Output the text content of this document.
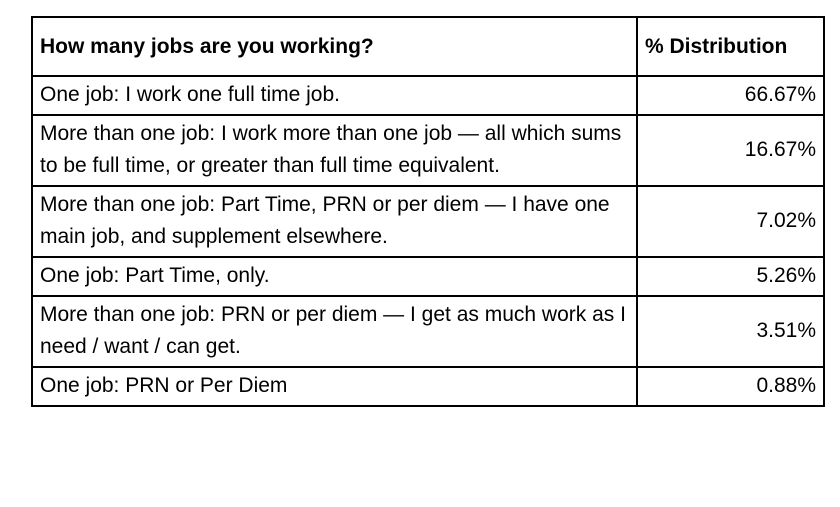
How many jobs are you working?	% Distribution
One job: I work one full time job.	66.67%
More than one job: I work more than one job — all which sums to be full time, or greater than full time equivalent.	16.67%
More than one job: Part Time, PRN or per diem — I have one main job, and supplement elsewhere.	7.02%
One job: Part Time, only.	5.26%
More than one job: PRN or per diem — I get as much work as I need / want / can get.	3.51%
One job: PRN or Per Diem	0.88%
